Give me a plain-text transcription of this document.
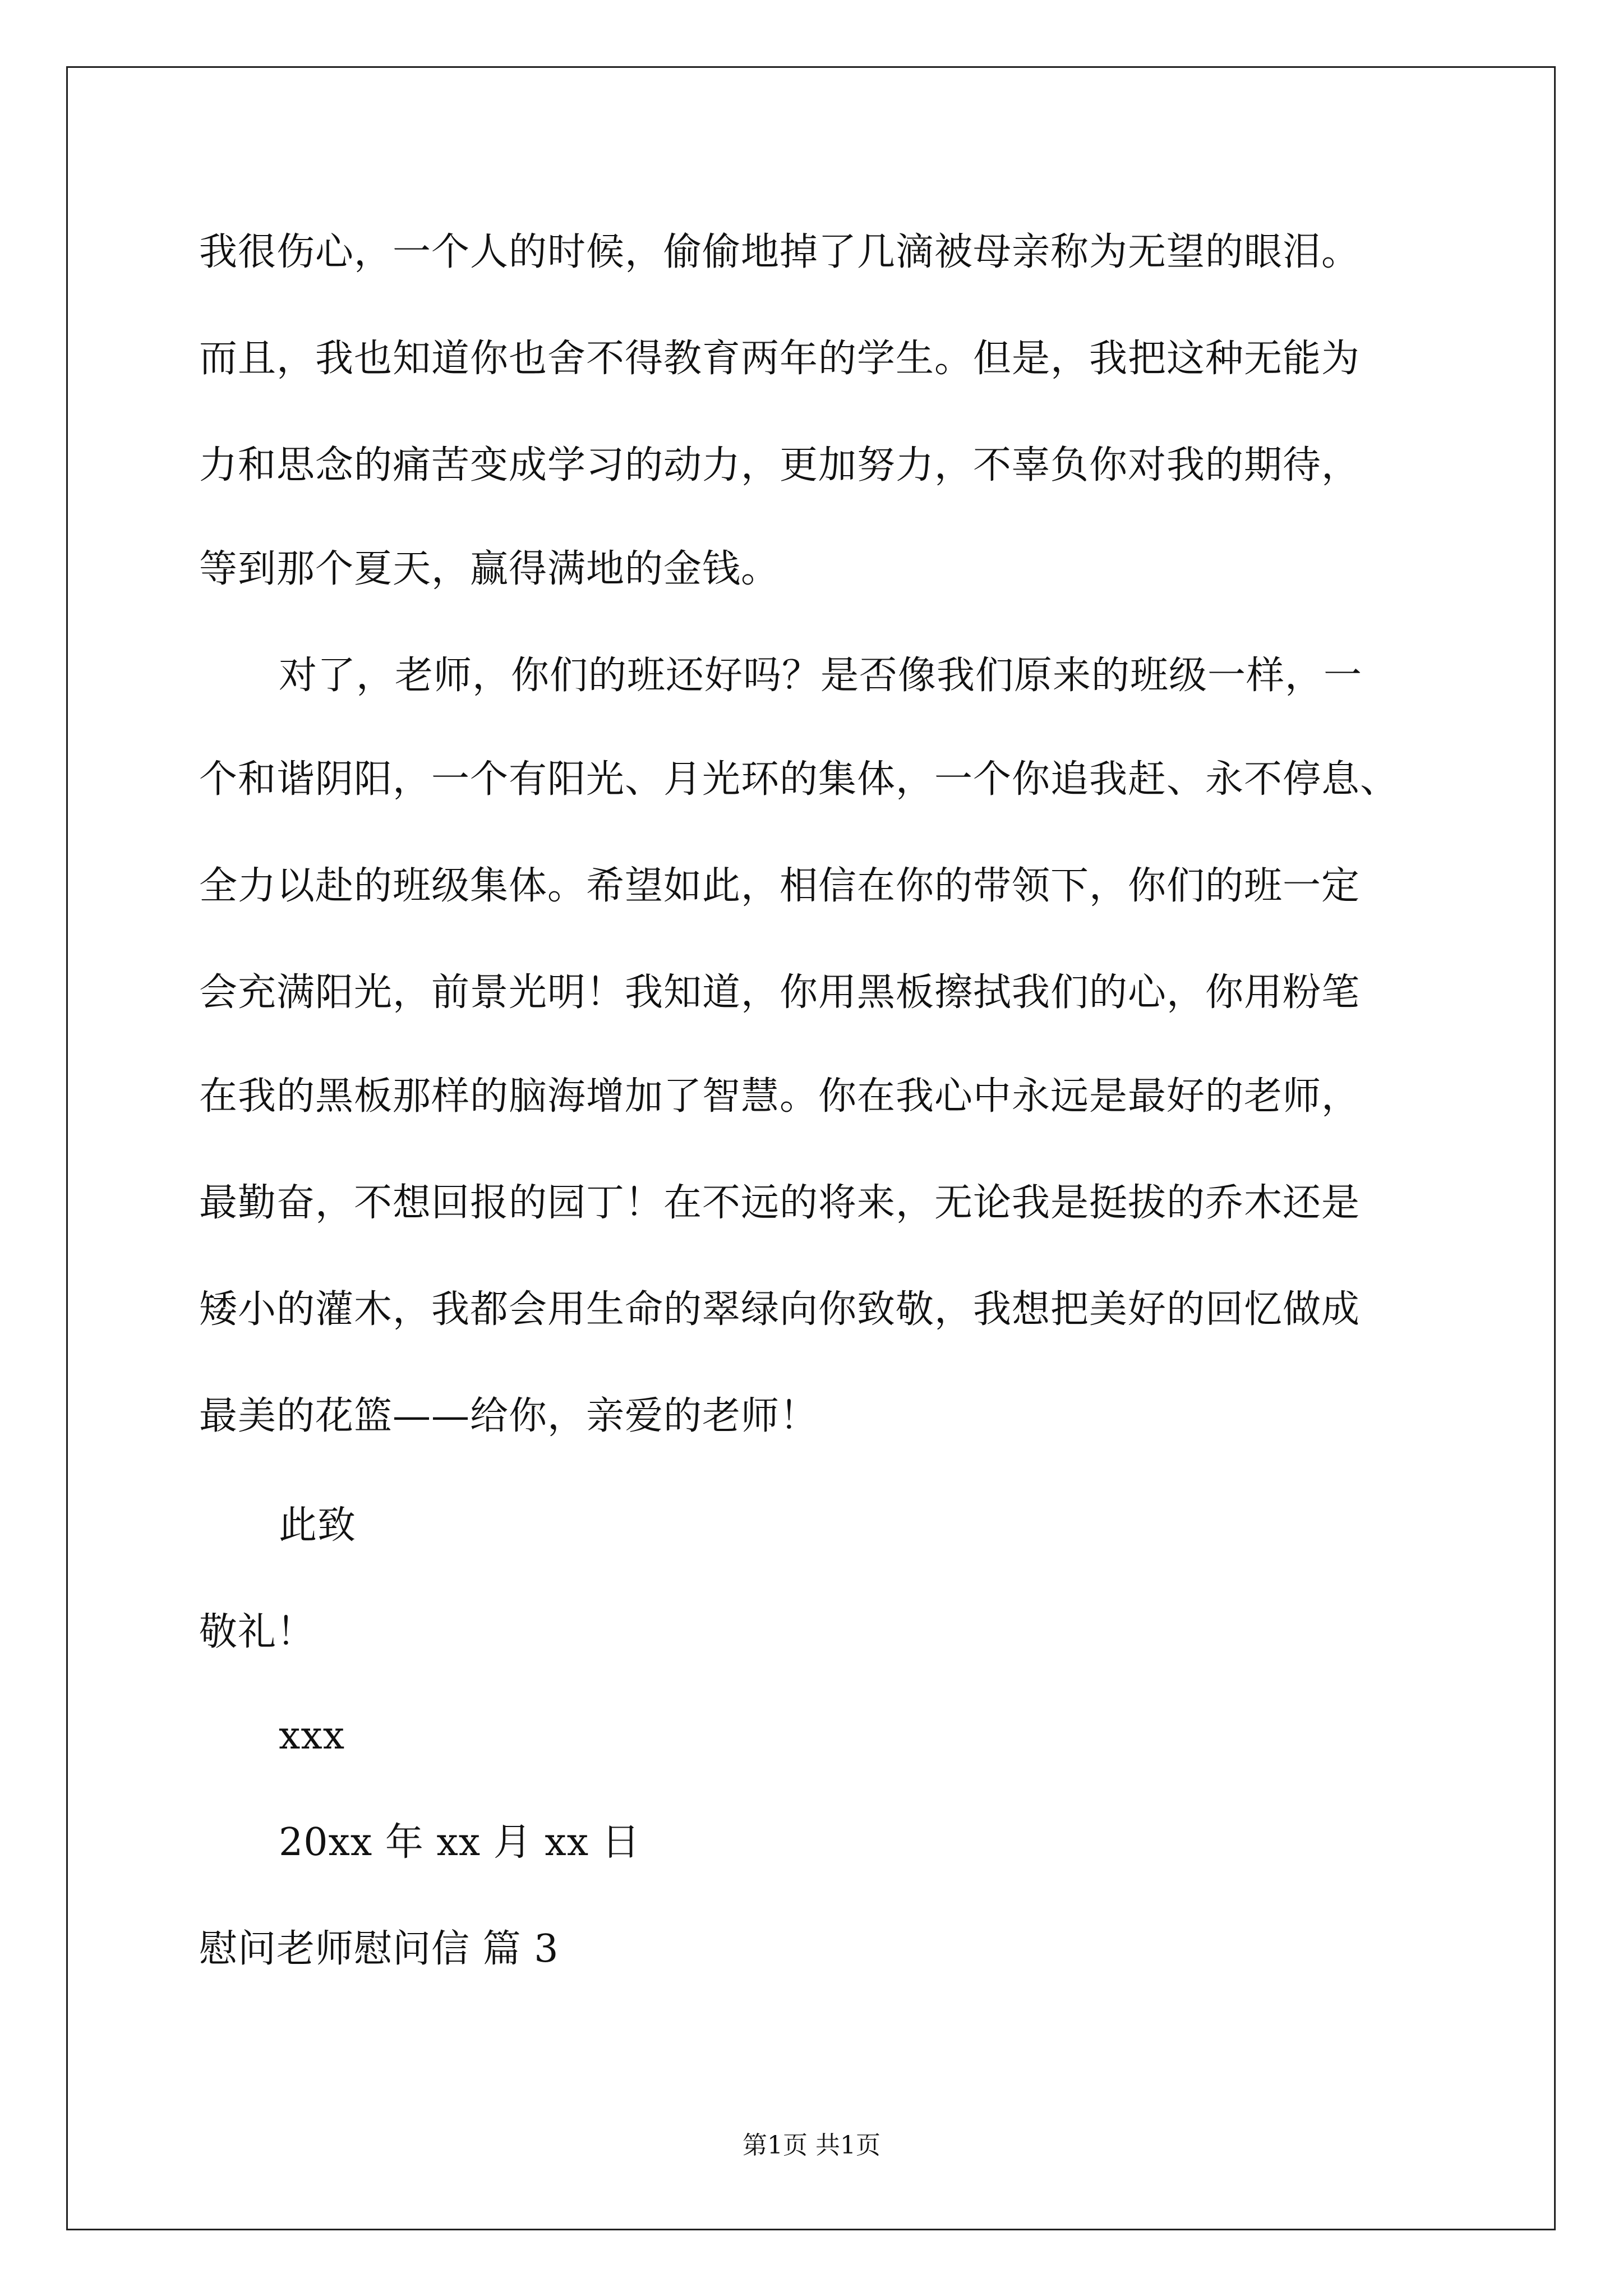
我很伤心，一个人的时候，偷偷地掉了几滴被母亲称为无望的眼泪。
而且，我也知道你也舍不得教育两年的学生。但是，我把这种无能为
力和思念的痛苦变成学习的动力，更加努力，不辜负你对我的期待，
等到那个夏天，赢得满地的金钱。
对了，老师，你们的班还好吗？是否像我们原来的班级一样，一
个和谐阴阳，一个有阳光、月光环的集体，一个你追我赶、永不停息、
全力以赴的班级集体。希望如此，相信在你的带领下，你们的班一定
会充满阳光，前景光明！我知道，你用黑板擦拭我们的心，你用粉笔
在我的黑板那样的脑海增加了智慧。你在我心中永远是最好的老师，
最勤奋，不想回报的园丁！在不远的将来，无论我是挺拔的乔木还是
矮小的灌木，我都会用生命的翠绿向你致敬，我想把美好的回忆做成
最美的花篮——给你，亲爱的老师！
此致
敬礼！
xxx
20xx 年 xx 月 xx 日
慰问老师慰问信 篇 3
第1页 共1页
